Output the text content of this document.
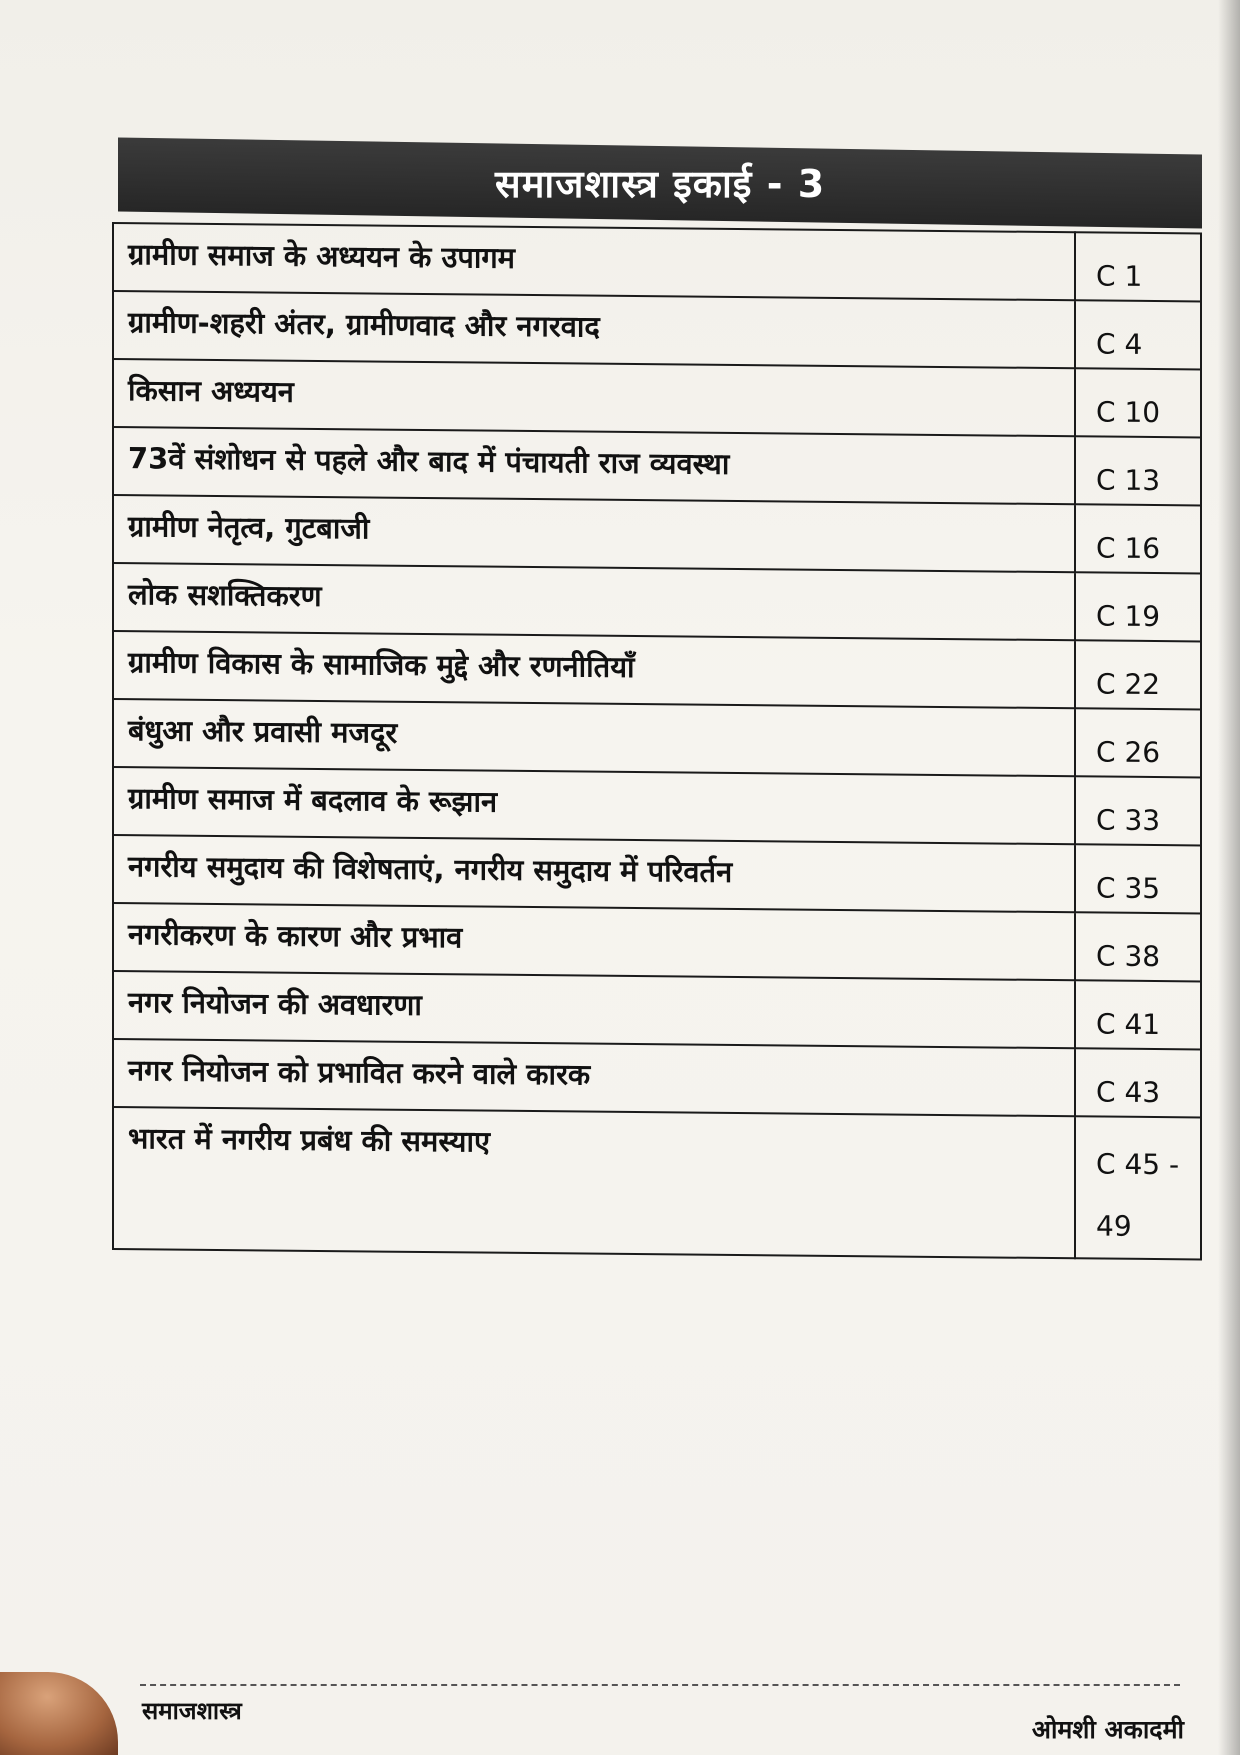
समाजशास्त्र इकाई - 3
ग्रामीण समाज के अध्ययन के उपागम	C 1
ग्रामीण-शहरी अंतर, ग्रामीणवाद और नगरवाद	C 4
किसान अध्ययन	C 10
73वें संशोधन से पहले और बाद में पंचायती राज व्यवस्था	C 13
ग्रामीण नेतृत्व, गुटबाजी	C 16
लोक सशक्तिकरण	C 19
ग्रामीण विकास के सामाजिक मुद्दे और रणनीतियाँ	C 22
बंधुआ और प्रवासी मजदूर	C 26
ग्रामीण समाज में बदलाव के रूझान	C 33
नगरीय समुदाय की विशेषताएं, नगरीय समुदाय में परिवर्तन	C 35
नगरीकरण के कारण और प्रभाव	C 38
नगर नियोजन की अवधारणा	C 41
नगर नियोजन को प्रभावित करने वाले कारक	C 43
भारत में नगरीय प्रबंध की समस्याए	C 45 - 49
समाजशास्त्र
ओमशी अकादमी
